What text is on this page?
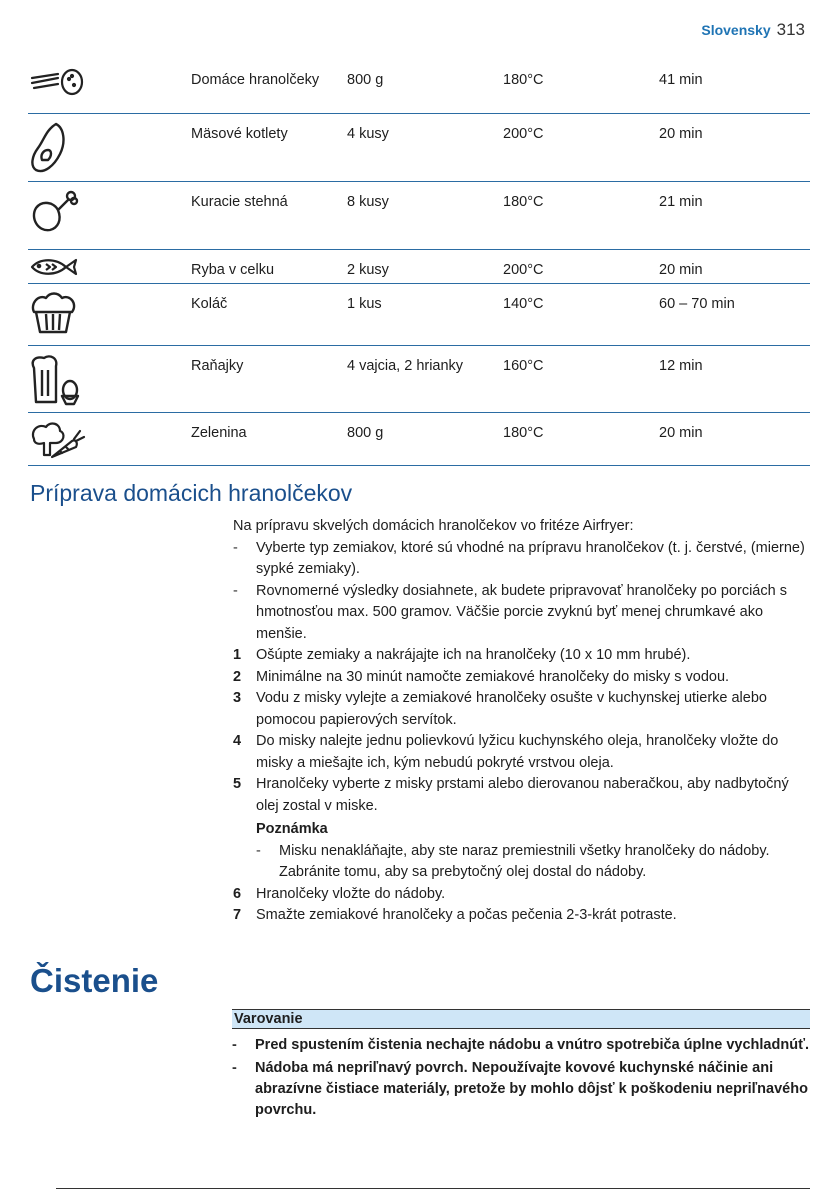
Slovensky 313
	Domáce hranolčeky	800 g	180°C	41 min

	Mäsové kotlety	4 kusy	200°C	20 min

	Kuracie stehná	8 kusy	180°C	21 min

	Ryba v celku	2 kusy	200°C	20 min

	Koláč	1 kus	140°C	60 – 70 min

	Raňajky	4 vajcia, 2 hrianky	160°C	12 min

	Zelenina	800 g	180°C	20 min
Príprava domácich hranolčekov
Na prípravu skvelých domácich hranolčekov vo fritéze Airfryer:
-	Vyberte typ zemiakov, ktoré sú vhodné na prípravu hranolčekov (t. j. čerstvé, (mierne) sypké zemiaky).
-	Rovnomerné výsledky dosiahnete, ak budete pripravovať hranolčeky po porciách s hmotnosťou max. 500 gramov. Väčšie porcie zvyknú byť menej chrumkavé ako menšie.
1	Ošúpte zemiaky a nakrájajte ich na hranolčeky (10 x 10 mm hrubé).
2	Minimálne na 30 minút namočte zemiakové hranolčeky do misky s vodou.
3	Vodu z misky vylejte a zemiakové hranolčeky osušte v kuchynskej utierke alebo pomocou papierových servítok.
4	Do misky nalejte jednu polievkovú lyžicu kuchynského oleja, hranolčeky vložte do misky a miešajte ich, kým nebudú pokryté vrstvou oleja.
5	Hranolčeky vyberte z misky prstami alebo dierovanou naberačkou, aby nadbytočný olej zostal v miske.
Poznámka
-	Misku nenakláňajte, aby ste naraz premiestnili všetky hranolčeky do nádoby. Zabránite tomu, aby sa prebytočný olej dostal do nádoby.
6	Hranolčeky vložte do nádoby.
7	Smažte zemiakové hranolčeky a počas pečenia 2-3-krát potraste.
Čistenie
Varovanie
-	Pred spustením čistenia nechajte nádobu a vnútro spotrebiča úplne vychladnúť.
-	Nádoba má nepriľnavý povrch. Nepoužívajte kovové kuchynské náčinie ani abrazívne čistiace materiály, pretože by mohlo dôjsť k poškodeniu nepriľnavého povrchu.
